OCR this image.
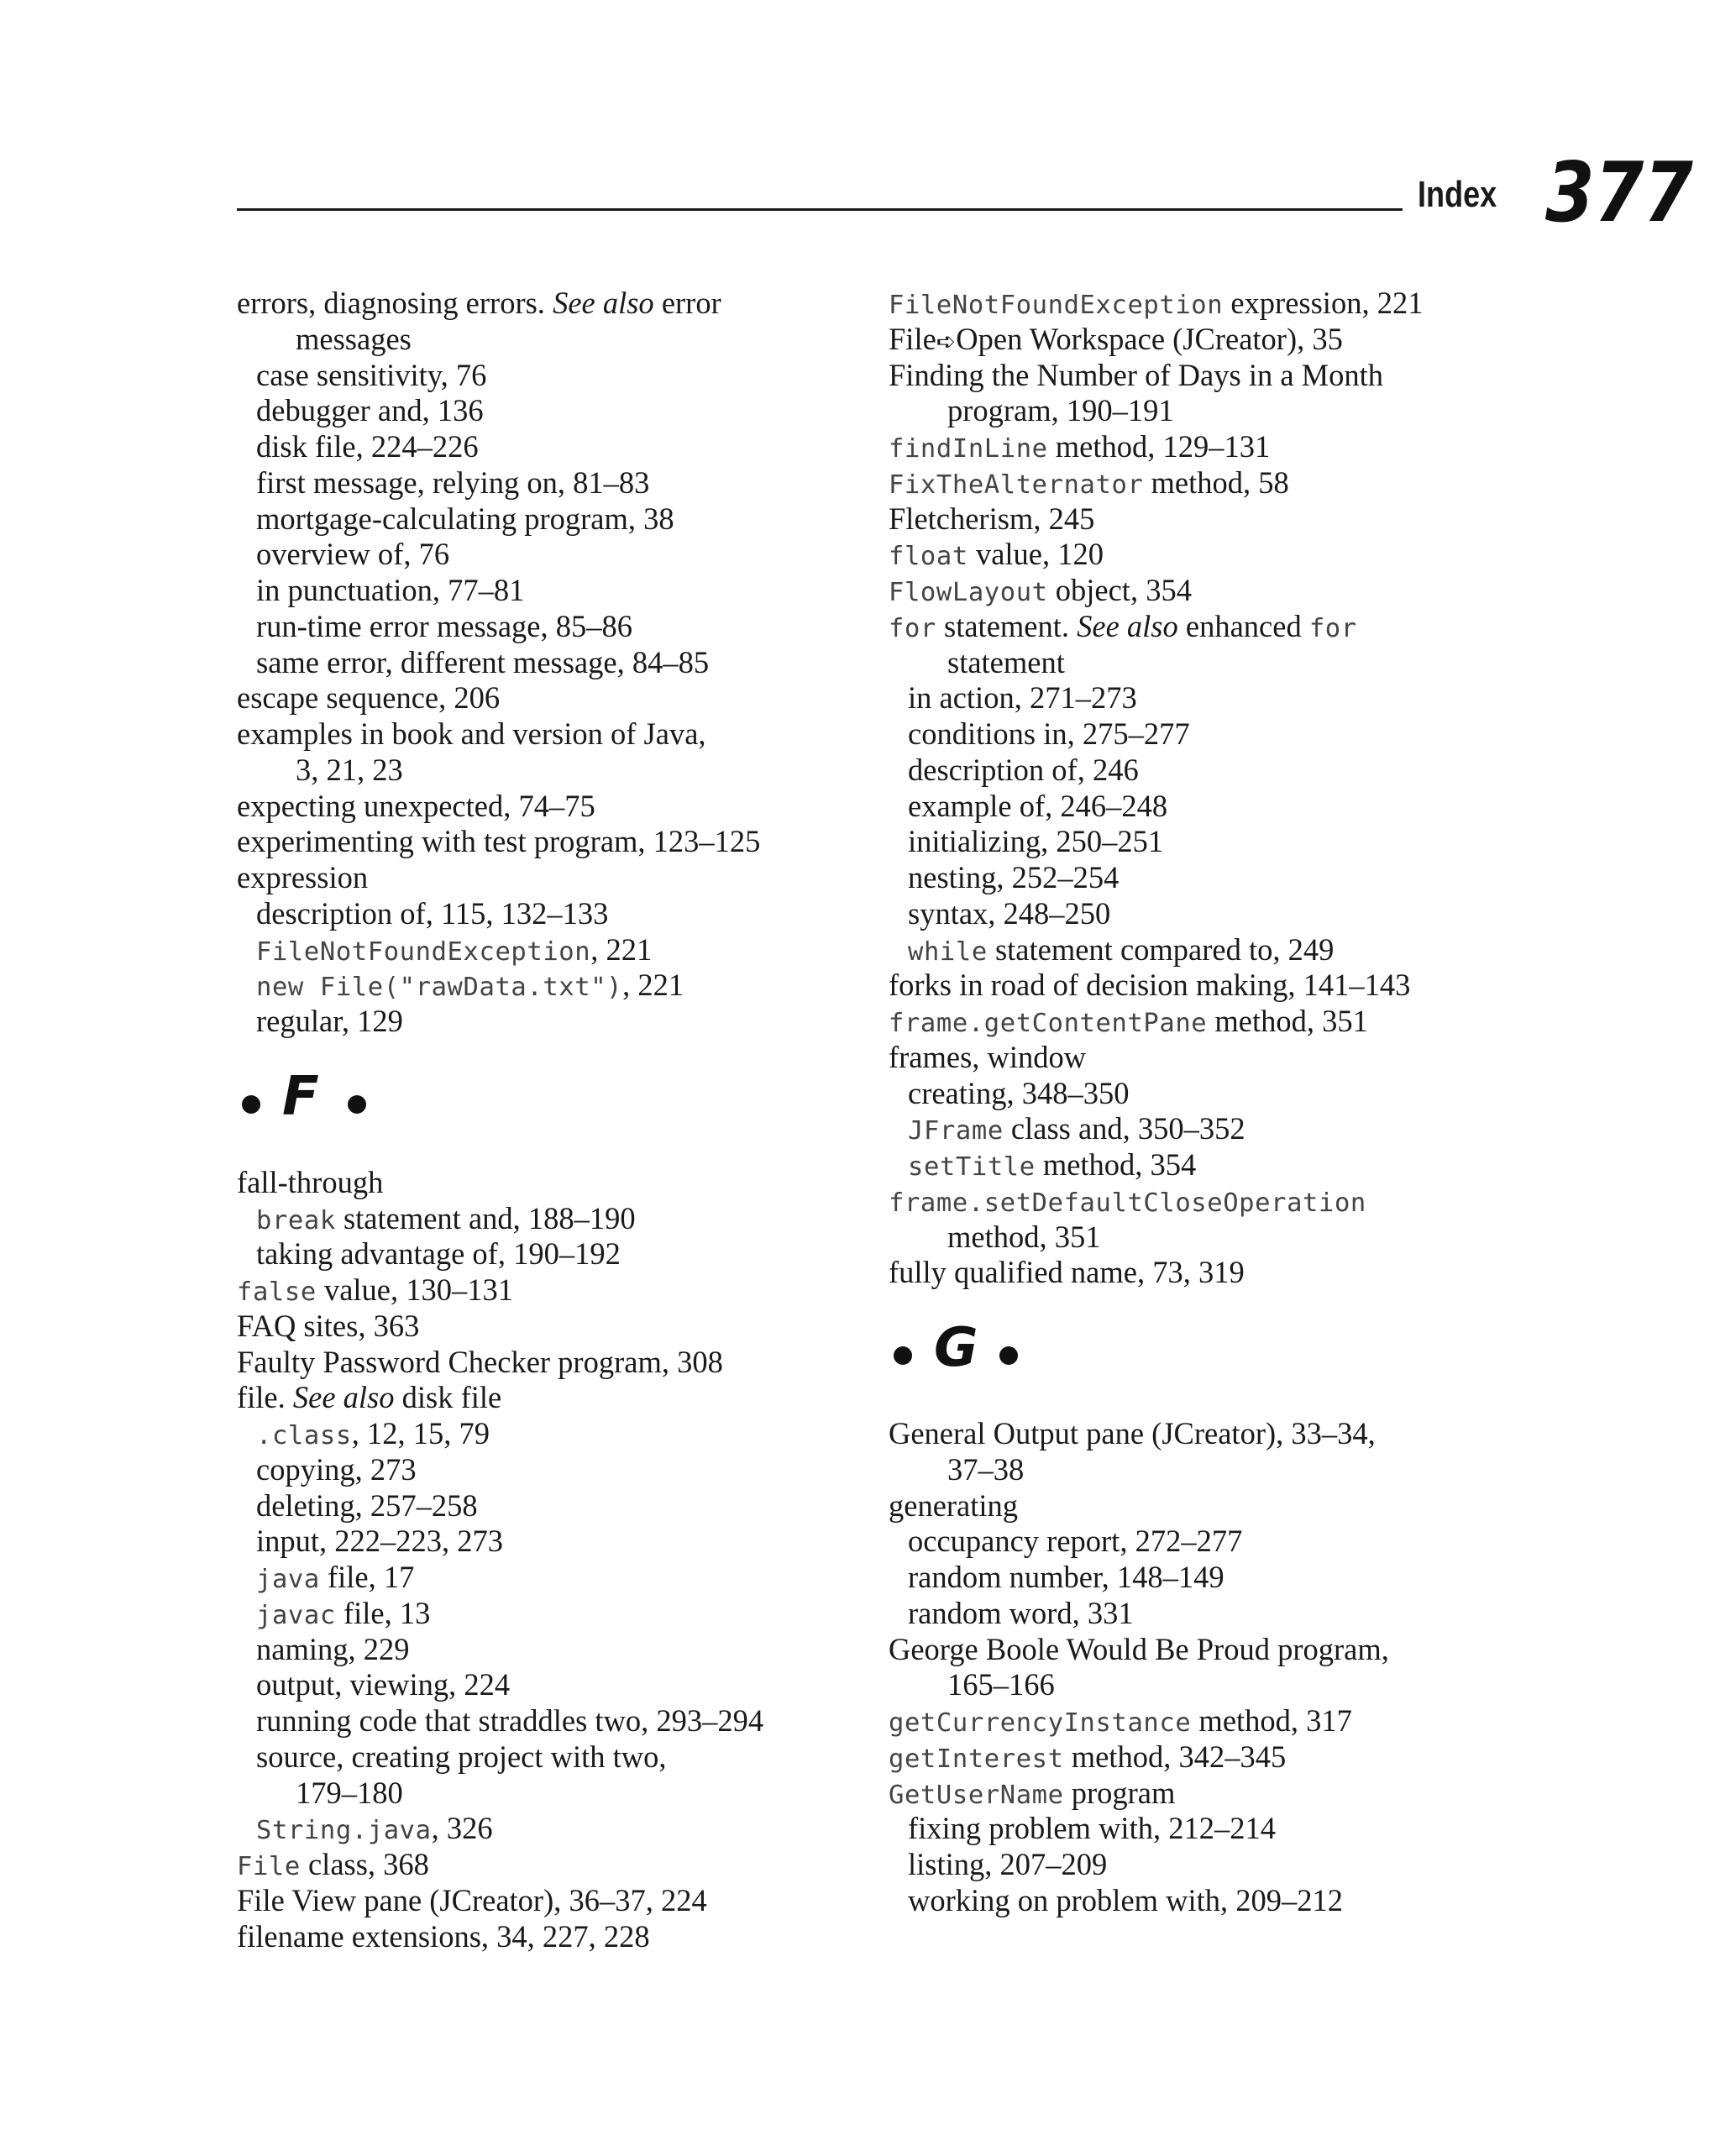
Index 377
errors, diagnosing errors. See also error
messages
case sensitivity, 76
debugger and, 136
disk file, 224–226
first message, relying on, 81–83
mortgage-calculating program, 38
overview of, 76
in punctuation, 77–81
run-time error message, 85–86
same error, different message, 84–85
escape sequence, 206
examples in book and version of Java,
3, 21, 23
expecting unexpected, 74–75
experimenting with test program, 123–125
expression
description of, 115, 132–133
FileNotFoundException, 221
new File("rawData.txt"), 221
regular, 129
F
fall-through
break statement and, 188–190
taking advantage of, 190–192
false value, 130–131
FAQ sites, 363
Faulty Password Checker program, 308
file. See also disk file
.class, 12, 15, 79
copying, 273
deleting, 257–258
input, 222–223, 273
java file, 17
javac file, 13
naming, 229
output, viewing, 224
running code that straddles two, 293–294
source, creating project with two,
179–180
String.java, 326
File class, 368
File View pane (JCreator), 36–37, 224
filename extensions, 34, 227, 228
FileNotFoundException expression, 221
File➪Open Workspace (JCreator), 35
Finding the Number of Days in a Month
program, 190–191
findInLine method, 129–131
FixTheAlternator method, 58
Fletcherism, 245
float value, 120
FlowLayout object, 354
for statement. See also enhanced for
statement
in action, 271–273
conditions in, 275–277
description of, 246
example of, 246–248
initializing, 250–251
nesting, 252–254
syntax, 248–250
while statement compared to, 249
forks in road of decision making, 141–143
frame.getContentPane method, 351
frames, window
creating, 348–350
JFrame class and, 350–352
setTitle method, 354
frame.setDefaultCloseOperation
method, 351
fully qualified name, 73, 319
G
General Output pane (JCreator), 33–34,
37–38
generating
occupancy report, 272–277
random number, 148–149
random word, 331
George Boole Would Be Proud program,
165–166
getCurrencyInstance method, 317
getInterest method, 342–345
GetUserName program
fixing problem with, 212–214
listing, 207–209
working on problem with, 209–212
